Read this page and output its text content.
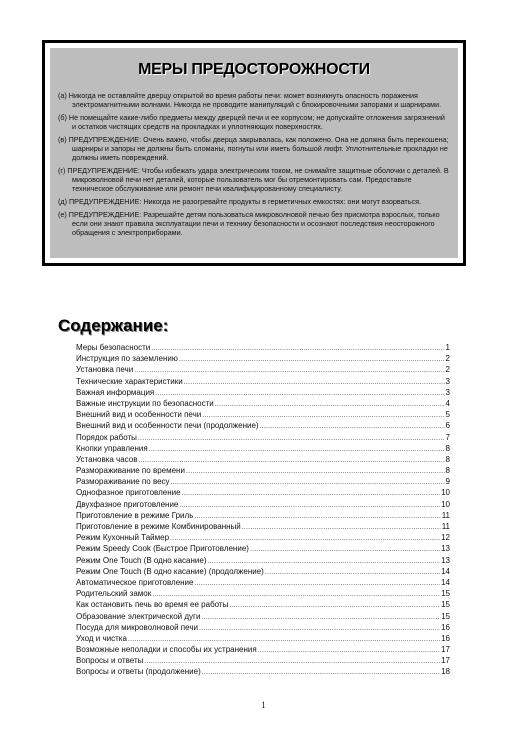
МЕРЫ ПРЕДОСТОРОЖНОСТИ

(а) Никогда не оставляйте дверцу открытой во время работы печи: может возникнуть опасность поражения электромагнитными волнами. Никогда не проводите манипуляций с блокировочными запорами и шарнирами.

(б) Не помещайте какие-либо предметы между дверцей печи и ее корпусом; не допускайте отложения загрязнений и остатков чистящих средств на прокладках и уплотняющих поверхностях.

(в) ПРЕДУПРЕЖДЕНИЕ: Очень важно, чтобы дверца закрывалась, как положено. Она не должна быть перекошена; шарниры и запоры не должны быть сломаны, погнуты или иметь большой люфт. Уплотнительные прокладки не должны иметь повреждений.

(г) ПРЕДУПРЕЖДЕНИЕ: Чтобы избежать удара электрическим током, не снимайте защитные оболочки с деталей. В микроволновой печи нет деталей, которые пользователь мог бы отремонтировать сам. Предоставьте техническое обслуживание или ремонт печи квалифицированному специалисту.

(д) ПРЕДУПРЕЖДЕНИЕ: Никогда не разогревайте продукты в герметичных емкостях: они могут взорваться.

(е) ПРЕДУПРЕЖДЕНИЕ: Разрешайте детям пользоваться микроволновой печью без присмотра взрослых, только если они знают правила эксплуатации печи и технику безопасности и осознают последствия неосторожного обращения с электроприборами.

Содержание:
Меры безопасности .....	1
Инструкция по заземлению .....	2
Установка печи .....	2
Технические характеристики .....	3
Важная информация .....	3
Важные инструкции по безопасности .....	4
Внешний вид и особенности печи .....	5
Внешний вид и особенности печи (продолжение) .....	6
Порядок работы .....	7
Кнопки управления .....	8
Установка часов .....	8
Размораживание по времени .....	8
Размораживание по весу .....	9
Однофазное приготовление .....	10
Двухфазное приготовление .....	10
Приготовление в режиме Гриль .....	11
Приготовление в режиме Комбинированный .....	11
Режим Кухонный Таймер .....	12
Режим Speedy Cook (Быстрое Приготовление) .....	13
Режим One Touch (В одно касание) .....	13
Режим One Touch (В одно касание) (продолжение) .....	14
Автоматическое приготовление .....	14
Родительский замок .....	15
Как остановить печь во время ее работы .....	15
Образование электрической дуги .....	15
Посуда для микроволновой печи .....	16
Уход и чистка .....	16
Возможные неполадки и способы их устранения .....	17
Вопросы и ответы .....	17
Вопросы и ответы (продолжение) .....	18
1
